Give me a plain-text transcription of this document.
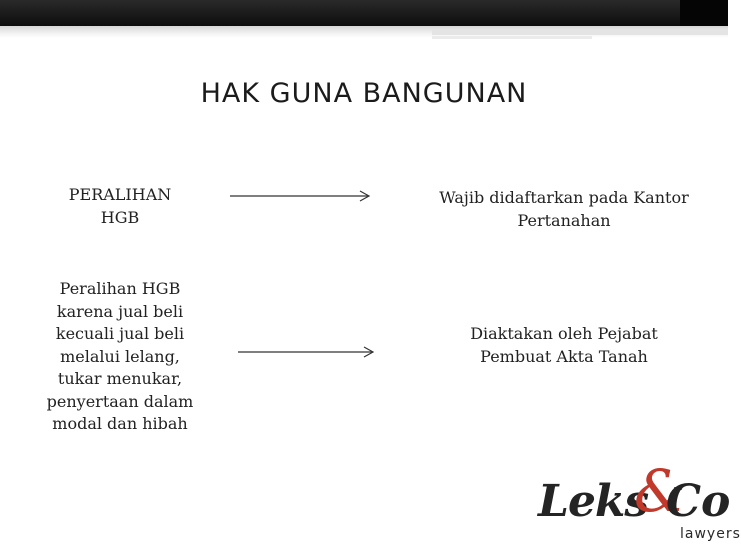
HAK GUNA BANGUNAN
PERALIHAN
HGB
Wajib didaftarkan pada Kantor
Pertanahan
Peralihan HGB
karena jual beli
kecuali jual beli
melalui lelang,
tukar menukar,
penyertaan dalam
modal dan hibah
Diaktakan oleh Pejabat
Pembuat Akta Tanah
Leks
&
Co
lawyers
